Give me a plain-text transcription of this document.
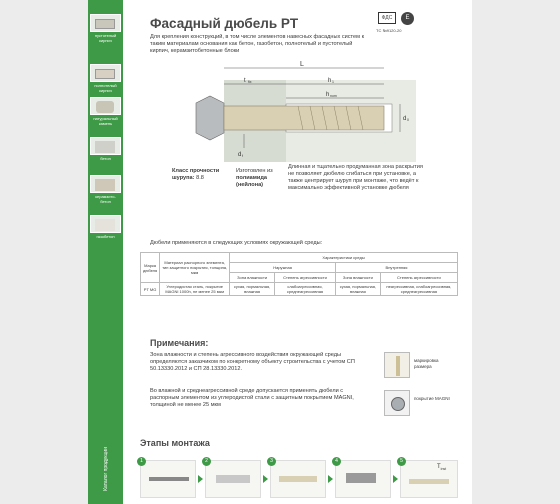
пустотелый кирпич
полнотелый кирпич
натуральный камень
бетон
керамзито-бетон
газобетон
Каталог продукции
Фасадный дюбель PT	ФДС	E
ТС №9120-20
Для крепления конструкций, в том числе элементов навесных фасадных систем к таким материалам основания как бетон, газобетон, полнотелый и пустотелый кирпич, керамзитобетонные блоки
L
t fix	h 1
h nom
d 0
d f
Класс прочности шурупа: 8.8
Изготовлен из полиамида
(нейлона)
Длинная и тщательно продуманная зона раскрытия не позволяет дюбелю сгибаться при установке, а также центрирует шуруп при монтаже, что ведёт к максимально эффективной установке дюбеля
Дюбели применяются в следующих условиях окружающей среды:
Марка дюбеля	Материал распорного элемента, тип защитного покрытия, толщина, мкм	Характеристики среды			
		Наружная		Внутренняя	
		Зона влажности	Степень агрессивности	Зона влажности	Степень агрессивности
PT MG	Углеродистая сталь, покрытие MAGNI 1000h, не менее 25 мкм	сухая, нормальная, влажная	слабоагрессивная, среднеагрессивная	сухая, нормальная, влажная	неагрессивная, слабоагрессивная, среднеагрессивная
Примечания:
Зона влажности и степень агрессивного воздействия окружающей среды определяются заказчиком по конкретному объекту строительства с учетом СП 50.13330.2012 и СП 28.13330.2012.
Во влажной и среднеагрессивной среде допускается применять дюбели с распорным элементом из углеродистой стали с защитным покрытием MAGNI, толщиной не менее 25 мкм
маркировка размера
покрытие MAGNI
Этапы монтажа
1	2	3	4	5
$T_{inst}$
